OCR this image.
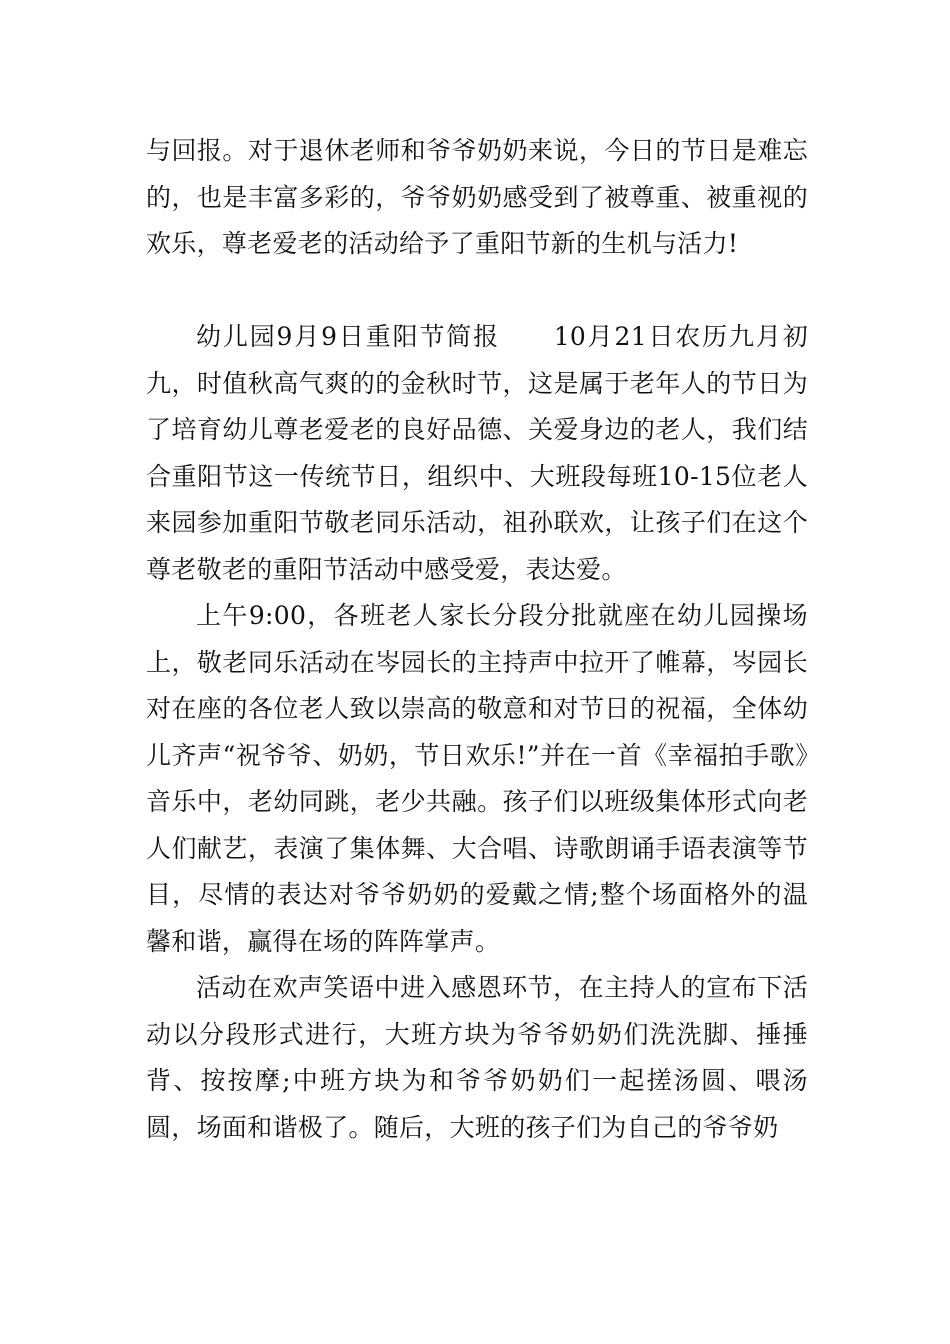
与回报。对于退休老师和爷爷奶奶来说，今日的节日是难忘的，也是丰富多彩的，爷爷奶奶感受到了被尊重、被重视的欢乐，尊老爱老的活动给予了重阳节新的生机与活力!

幼儿园9月9日重阳节简报　　10月21日农历九月初九，时值秋高气爽的的金秋时节，这是属于老年人的节日为了培育幼儿尊老爱老的良好品德、关爱身边的老人，我们结合重阳节这一传统节日，组织中、大班段每班10-15位老人来园参加重阳节敬老同乐活动，祖孙联欢，让孩子们在这个尊老敬老的重阳节活动中感受爱，表达爱。

上午9:00，各班老人家长分段分批就座在幼儿园操场上，敬老同乐活动在岑园长的主持声中拉开了帷幕，岑园长对在座的各位老人致以崇高的敬意和对节日的祝福，全体幼儿齐声“祝爷爷、奶奶，节日欢乐!”并在一首《幸福拍手歌》音乐中，老幼同跳，老少共融。孩子们以班级集体形式向老人们献艺，表演了集体舞、大合唱、诗歌朗诵手语表演等节目，尽情的表达对爷爷奶奶的爱戴之情;整个场面格外的温馨和谐，赢得在场的阵阵掌声。

活动在欢声笑语中进入感恩环节，在主持人的宣布下活动以分段形式进行，大班方块为爷爷奶奶们洗洗脚、捶捶背、按按摩;中班方块为和爷爷奶奶们一起搓汤圆、喂汤圆，场面和谐极了。随后，大班的孩子们为自己的爷爷奶
